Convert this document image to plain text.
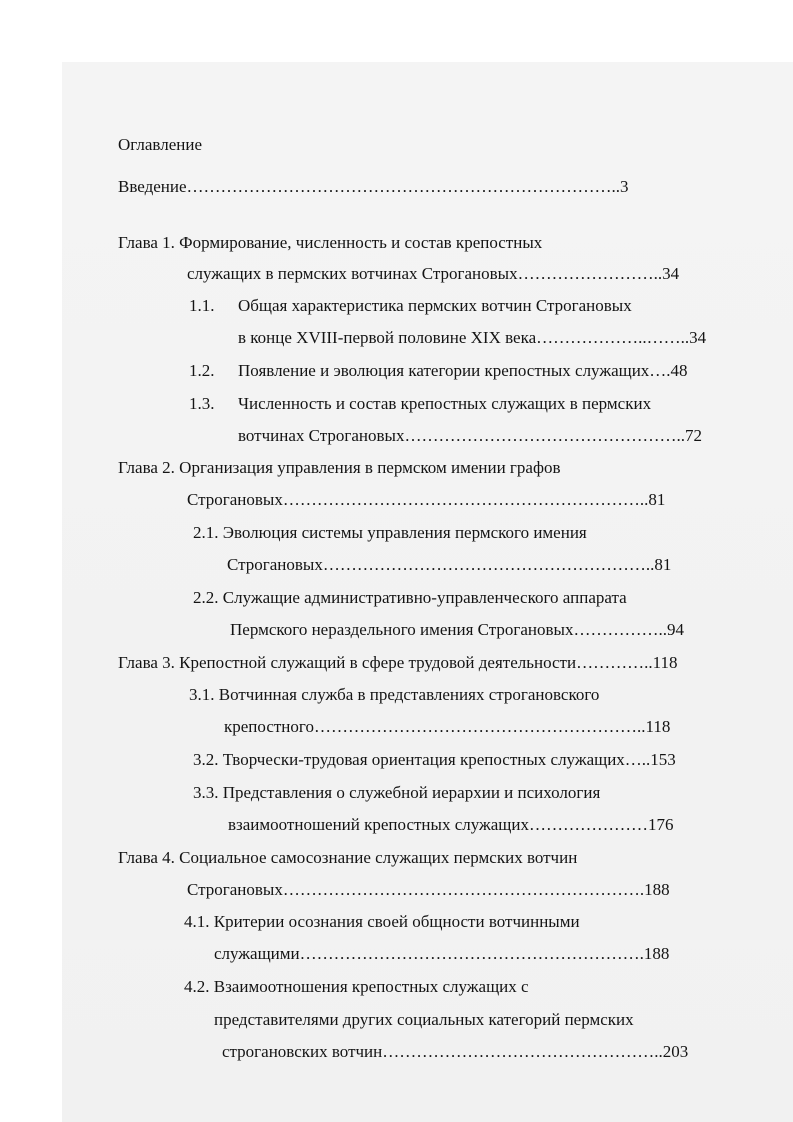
Оглавление
Введение…………………………………………………………………..3
Глава 1. Формирование, численность и состав крепостных
служащих в пермских вотчинах Строгановых……………………..34
1.1. Общая характеристика пермских вотчин Строгановых
в конце XVIII-первой половине XIX века………………..……..34
1.2. Появление и эволюция категории крепостных служащих….48
1.3. Численность и состав крепостных служащих в пермских
вотчинах Строгановых…………………………………………..72
Глава 2. Организация управления в пермском имении графов
Строгановых………………………………………………………..81
2.1. Эволюция системы управления пермского имения
Строгановых…………………………………………………..81
2.2. Служащие административно-управленческого аппарата
Пермского нераздельного имения Строгановых……………..94
Глава 3. Крепостной служащий в сфере трудовой деятельности…………..118
3.1. Вотчинная служба в представлениях строгановского
крепостного…………………………………………………..118
3.2. Творчески-трудовая ориентация крепостных служащих…..153
3.3. Представления о служебной иерархии и психология
взаимоотношений крепостных служащих…………………176
Глава 4. Социальное самосознание служащих пермских вотчин
Строгановых……………………………………………………….188
4.1. Критерии осознания своей общности вотчинными
служащими…………………………………………………….188
4.2. Взаимоотношения крепостных служащих с
представителями других социальных категорий пермских
строгановских вотчин…………………………………………..203
